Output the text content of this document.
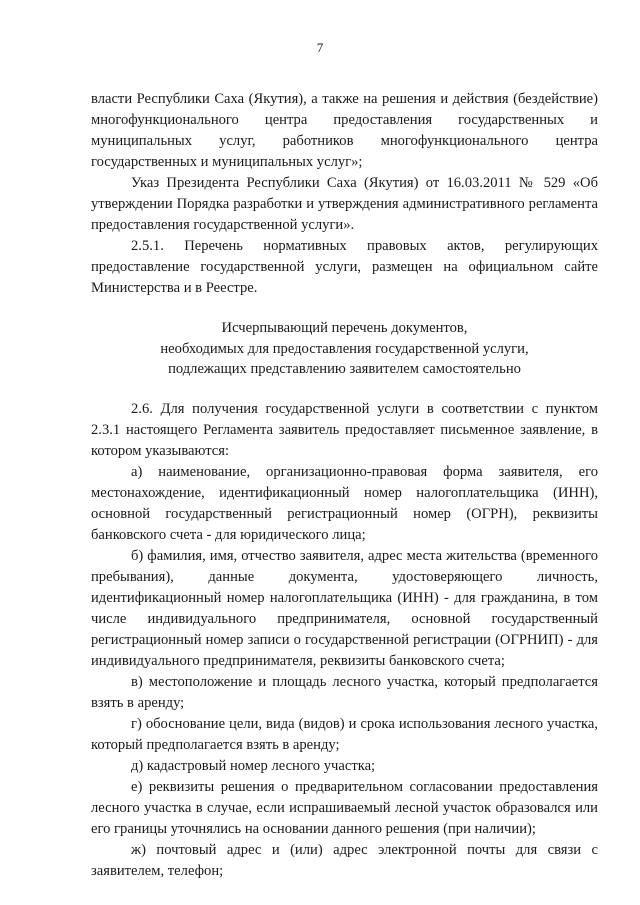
7

власти Республики Саха (Якутия), а также на решения и действия (бездействие) многофункционального центра предоставления государственных и муниципальных услуг, работников многофункционального центра государственных и муниципальных услуг»;

Указ Президента Республики Саха (Якутия) от 16.03.2011 № 529 «Об утверждении Порядка разработки и утверждения административного регламента предоставления государственной услуги».

2.5.1. Перечень нормативных правовых актов, регулирующих предоставление государственной услуги, размещен на официальном сайте Министерства и в Реестре.

Исчерпывающий перечень документов,
необходимых для предоставления государственной услуги,
подлежащих представлению заявителем самостоятельно

2.6. Для получения государственной услуги в соответствии с пунктом 2.3.1 настоящего Регламента заявитель предоставляет письменное заявление, в котором указываются:

а) наименование, организационно-правовая форма заявителя, его местонахождение, идентификационный номер налогоплательщика (ИНН), основной государственный регистрационный номер (ОГРН), реквизиты банковского счета - для юридического лица;

б) фамилия, имя, отчество заявителя, адрес места жительства (временного пребывания), данные документа, удостоверяющего личность, идентификационный номер налогоплательщика (ИНН) - для гражданина, в том числе индивидуального предпринимателя, основной государственный регистрационный номер записи о государственной регистрации (ОГРНИП) - для индивидуального предпринимателя, реквизиты банковского счета;

в) местоположение и площадь лесного участка, который предполагается взять в аренду;

г) обоснование цели, вида (видов) и срока использования лесного участка, который предполагается взять в аренду;

д) кадастровый номер лесного участка;

е) реквизиты решения о предварительном согласовании предоставления лесного участка в случае, если испрашиваемый лесной участок образовался или его границы уточнялись на основании данного решения (при наличии);

ж) почтовый адрес и (или) адрес электронной почты для связи с заявителем, телефон;
